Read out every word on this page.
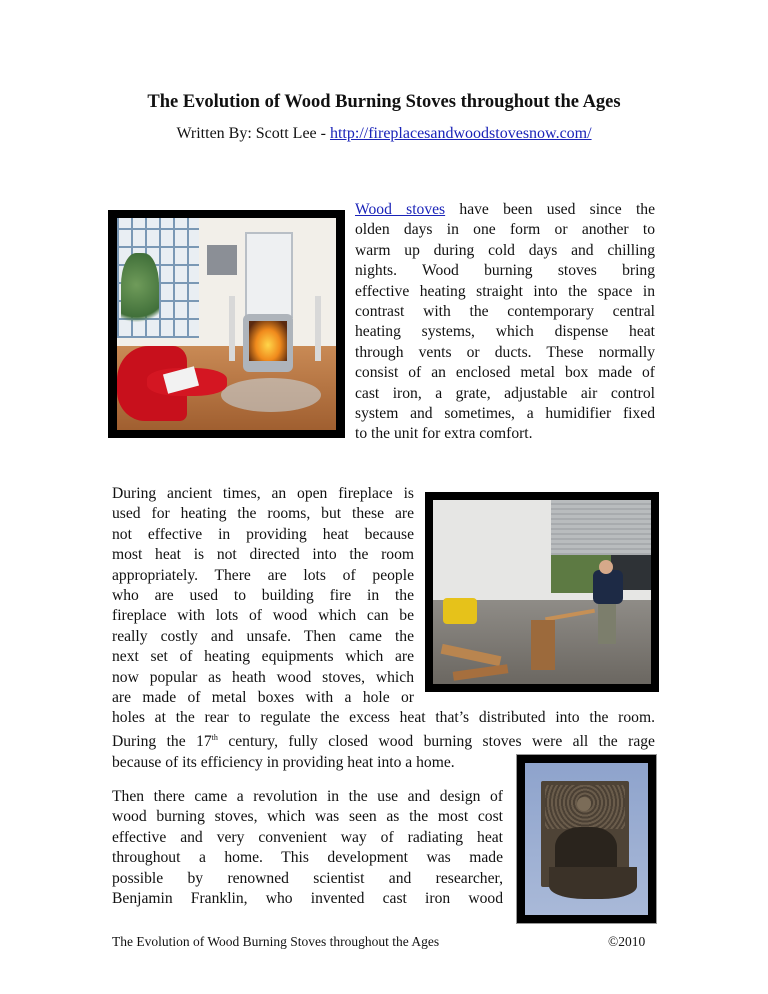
The Evolution of Wood Burning Stoves throughout the Ages
Written By: Scott Lee - http://fireplacesandwoodstovesnow.com/
Wood stoves have been used since the
olden days in one form or another to
warm up during cold days and chilling
nights. Wood burning stoves bring
effective heating straight into the space in
contrast with the contemporary central
heating systems, which dispense heat
through vents or ducts. These normally
consist of an enclosed metal box made of
cast iron, a grate, adjustable air control
system and sometimes, a humidifier fixed
to the unit for extra comfort.
During ancient times, an open fireplace is
used for heating the rooms, but these are
not effective in providing heat because
most heat is not directed into the room
appropriately. There are lots of people
who are used to building fire in the
fireplace with lots of wood which can be
really costly and unsafe. Then came the
next set of heating equipments which are
now popular as heath wood stoves, which
are made of metal boxes with a hole or
holes at the rear to regulate the excess heat that’s distributed into the room.
During the 17th century, fully closed wood burning stoves were all the rage
because of its efficiency in providing heat into a home.
Then there came a revolution in the use and design of
wood burning stoves, which was seen as the most cost
effective and very convenient way of radiating heat
throughout a home. This development was made
possible by renowned scientist and researcher,
Benjamin Franklin, who invented cast iron wood
The Evolution of Wood Burning Stoves throughout the Ages	©2010
